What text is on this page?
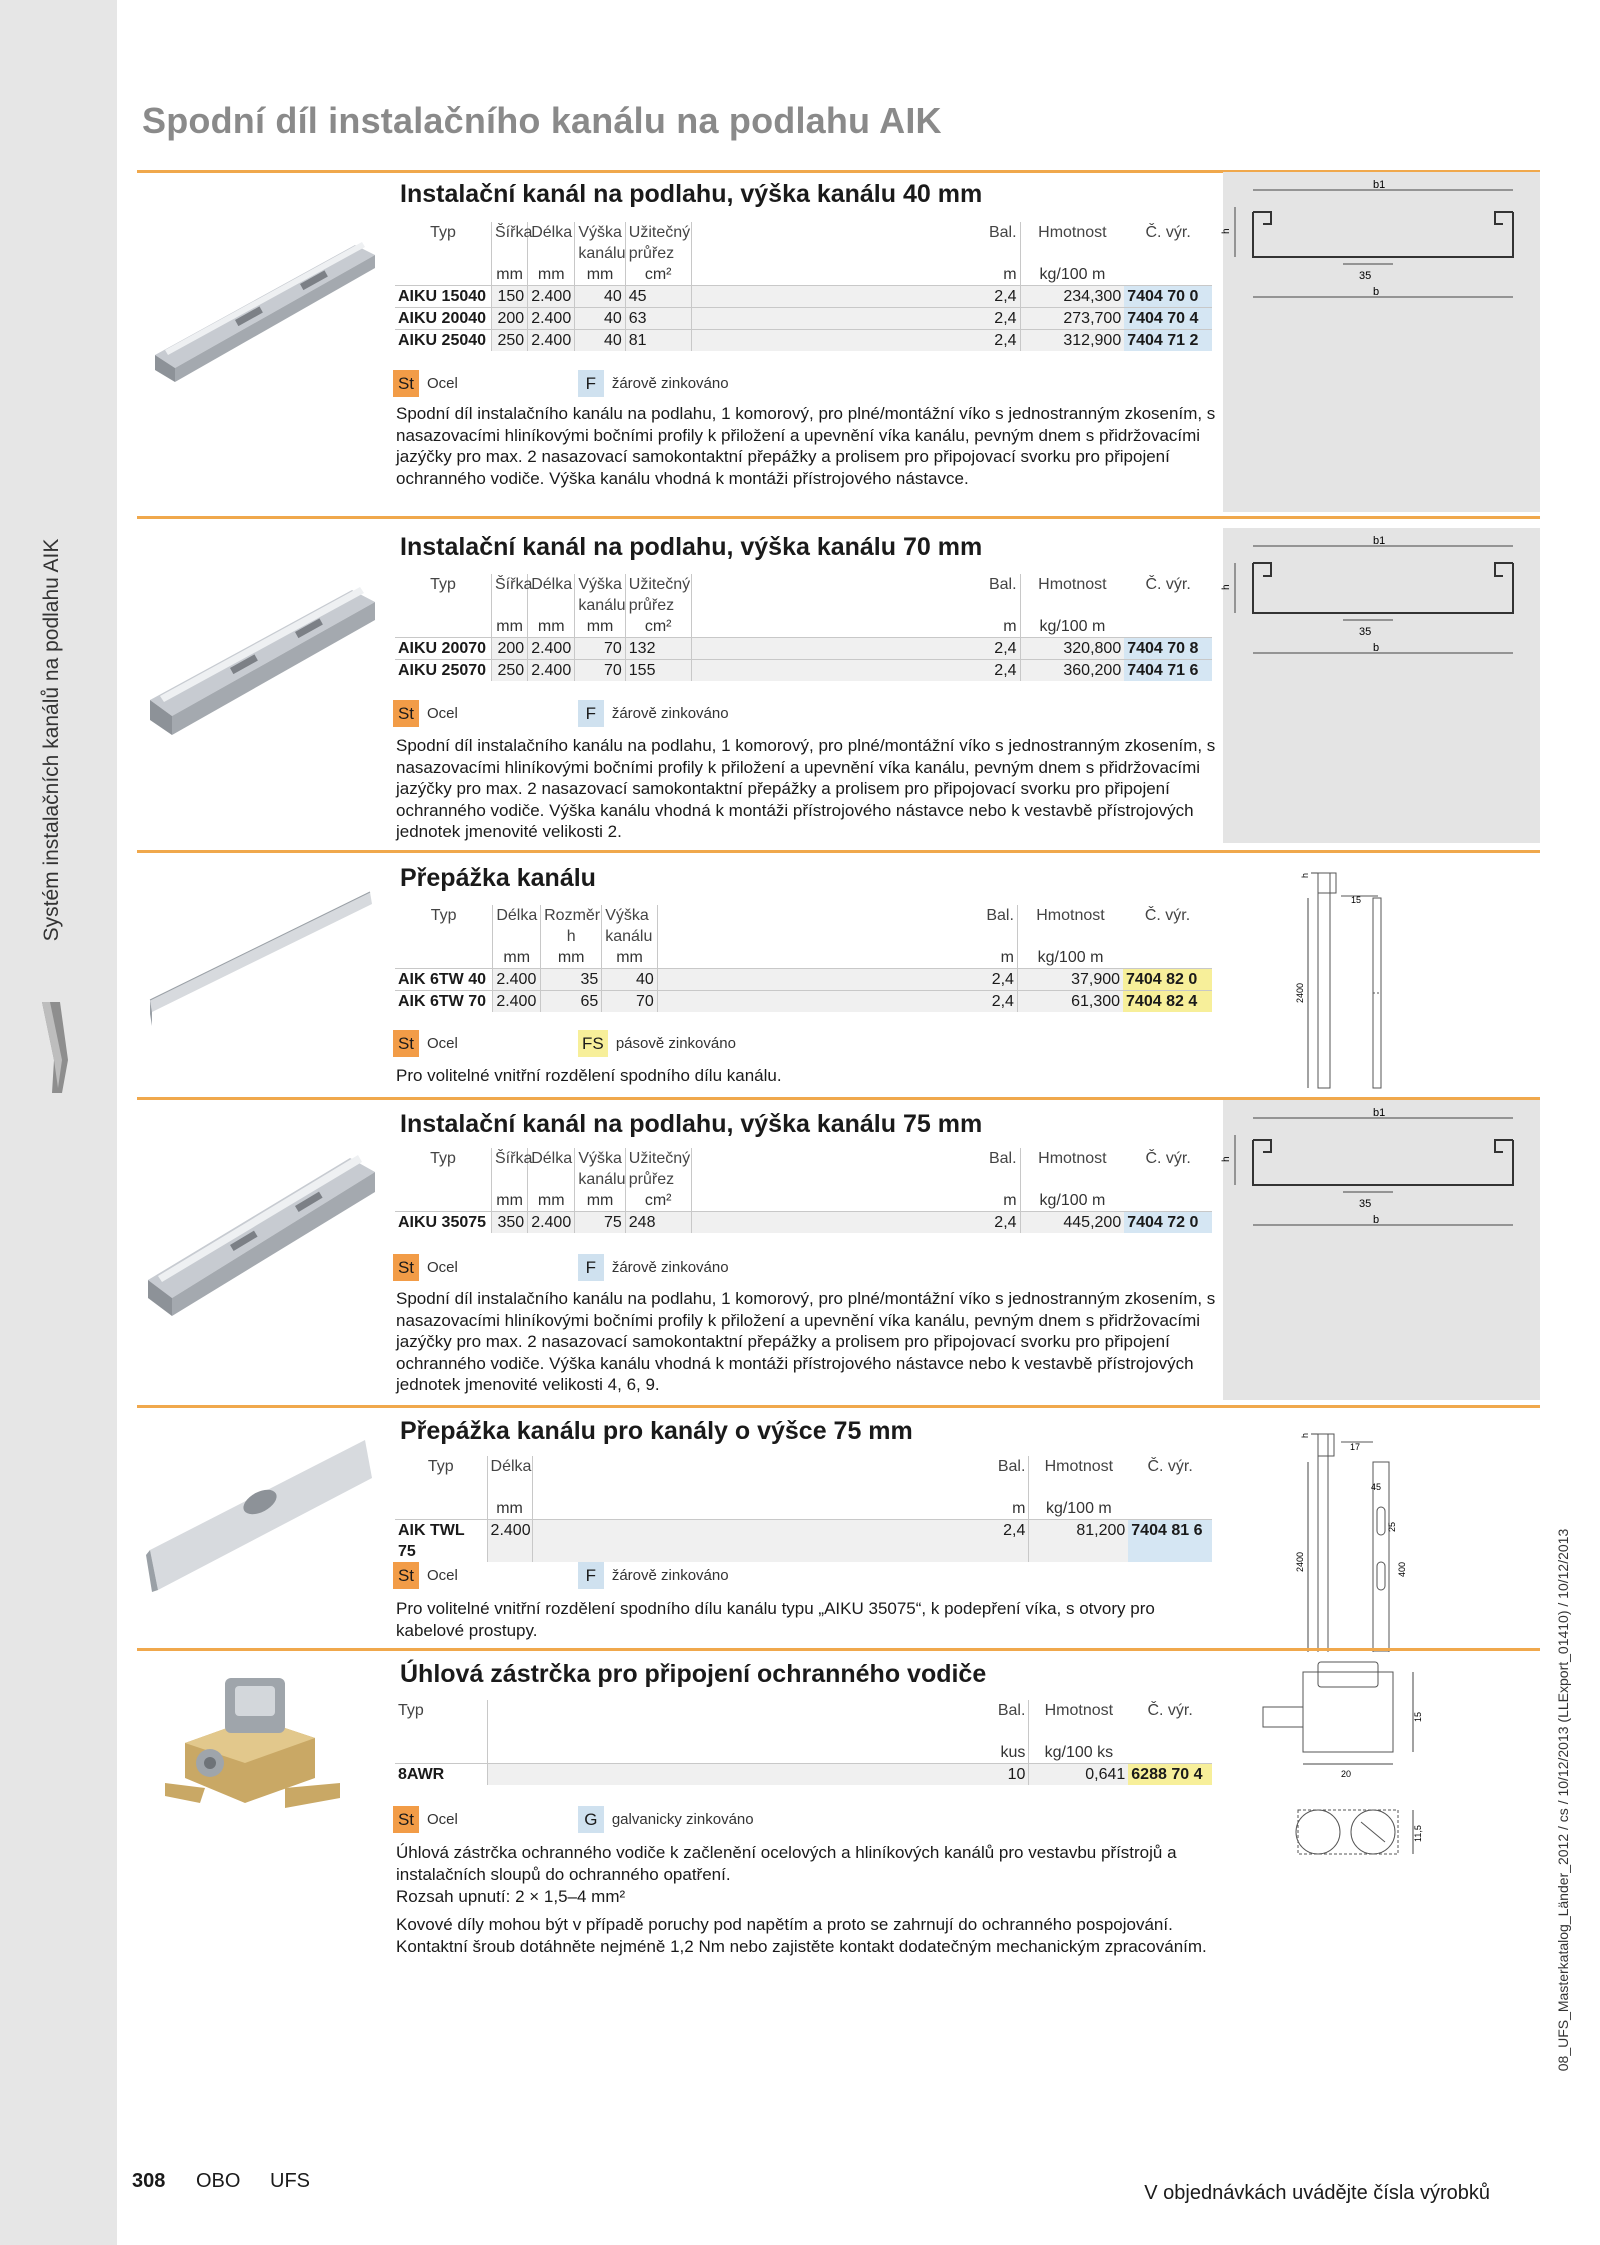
Systém instalačních kanálů na podlahu AIK
Spodní díl instalačního kanálu na podlahu AIK
Instalační kanál na podlahu, výška kanálu 40 mm
Typ	Šířka	Délka	Výška	Užitečný		Bal.	Hmotnost	Č. výr.
			kanálu	průřez				
	mm	mm	mm	cm²		m	kg/100 m	
AIKU 15040	150	2.400	40	45		2,4	234,300	7404 70 0
AIKU 20040	200	2.400	40	63		2,4	273,700	7404 70 4
AIKU 25040	250	2.400	40	81		2,4	312,900	7404 71 2
St Ocel	F	žárově zinkováno
Spodní díl instalačního kanálu na podlahu, 1 komorový, pro plné/montážní víko s jednostranným zkosením, s nasazovacími hliníkovými bočními profily k přiložení a upevnění víka kanálu, pevným dnem s přidržovacími jazýčky pro max. 2 nasazovací samokontaktní přepážky a prolisem pro připojovací svorku pro připojení ochranného vodiče. Výška kanálu vhodná k montáži přístrojového nástavce.
b1
h
35
b
Instalační kanál na podlahu, výška kanálu 70 mm
Typ	Šířka	Délka	Výška	Užitečný		Bal.	Hmotnost	Č. výr.
			kanálu	průřez				
	mm	mm	mm	cm²		m	kg/100 m	
AIKU 20070	200	2.400	70	132		2,4	320,800	7404 70 8
AIKU 25070	250	2.400	70	155		2,4	360,200	7404 71 6
St Ocel	F	žárově zinkováno
Spodní díl instalačního kanálu na podlahu, 1 komorový, pro plné/montážní víko s jednostranným zkosením, s nasazovacími hliníkovými bočními profily k přiložení a upevnění víka kanálu, pevným dnem s přidržovacími jazýčky pro max. 2 nasazovací samokontaktní přepážky a prolisem pro připojovací svorku pro připojení ochranného vodiče. Výška kanálu vhodná k montáži přístrojového nástavce nebo k vestavbě přístrojových jednotek jmenovité velikosti 2.
b1
h
35
b
Přepážka kanálu
Typ	Délka	Rozměr	Výška		Bal.	Hmotnost	Č. výr.
		h	kanálu				
	mm	mm	mm		m	kg/100 m	
AIK 6TW 40	2.400	35	40		2,4	37,900	7404 82 0
AIK 6TW 70	2.400	65	70		2,4	61,300	7404 82 4
St Ocel	FS pásově zinkováno
Pro volitelné vnitřní rozdělení spodního dílu kanálu.
h
15
2400
Instalační kanál na podlahu, výška kanálu 75 mm
Typ	Šířka	Délka	Výška	Užitečný		Bal.	Hmotnost	Č. výr.
			kanálu	průřez				
	mm	mm	mm	cm²		m	kg/100 m	
AIKU 35075	350	2.400	75	248		2,4	445,200	7404 72 0
St Ocel	F	žárově zinkováno
Spodní díl instalačního kanálu na podlahu, 1 komorový, pro plné/montážní víko s jednostranným zkosením, s nasazovacími hliníkovými bočními profily k přiložení a upevnění víka kanálu, pevným dnem s přidržovacími jazýčky pro max. 2 nasazovací samokontaktní přepážky a prolisem pro připojovací svorku pro připojení ochranného vodiče. Výška kanálu vhodná k montáži přístrojového nástavce nebo k vestavbě přístrojových jednotek jmenovité velikosti 4, 6, 9.
b1
h
35
b
Přepážka kanálu pro kanály o výšce 75 mm
Typ	Délka		Bal.	Hmotnost	Č. výr.

	mm		m	kg/100 m	
AIK TWL 75	2.400		2,4	81,200	7404 81 6
St Ocel	F	žárově zinkováno
Pro volitelné vnitřní rozdělení spodního dílu kanálu typu „AIKU 35075“, k podepření víka, s otvory pro kabelové prostupy.
h
17
45
25
400
2400
Úhlová zástrčka pro připojení ochranného vodiče
Typ		Bal.	Hmotnost	Č. výr.

		kus	kg/100 ks	
8AWR		10	0,641	6288 70 4
St Ocel	G galvanicky zinkováno
Úhlová zástrčka ochranného vodiče k začlenění ocelových a hliníkových kanálů pro vestavbu přístrojů a instalačních sloupů do ochranného opatření.
Rozsah upnutí: 2 × 1,5–4 mm²
Kovové díly mohou být v případě poruchy pod napětím a proto se zahrnují do ochranného pospojování. Kontaktní šroub dotáhněte nejméně 1,2 Nm nebo zajistěte kontakt dodatečným mechanickým zpracováním.
20
15
11,5	08_UFS_Masterkatalog_Länder_2012 / cs / 10/12/2013 (LLExport_01410) / 10/12/2013
308 OBO UFS
V objednávkách uvádějte čísla výrobků
